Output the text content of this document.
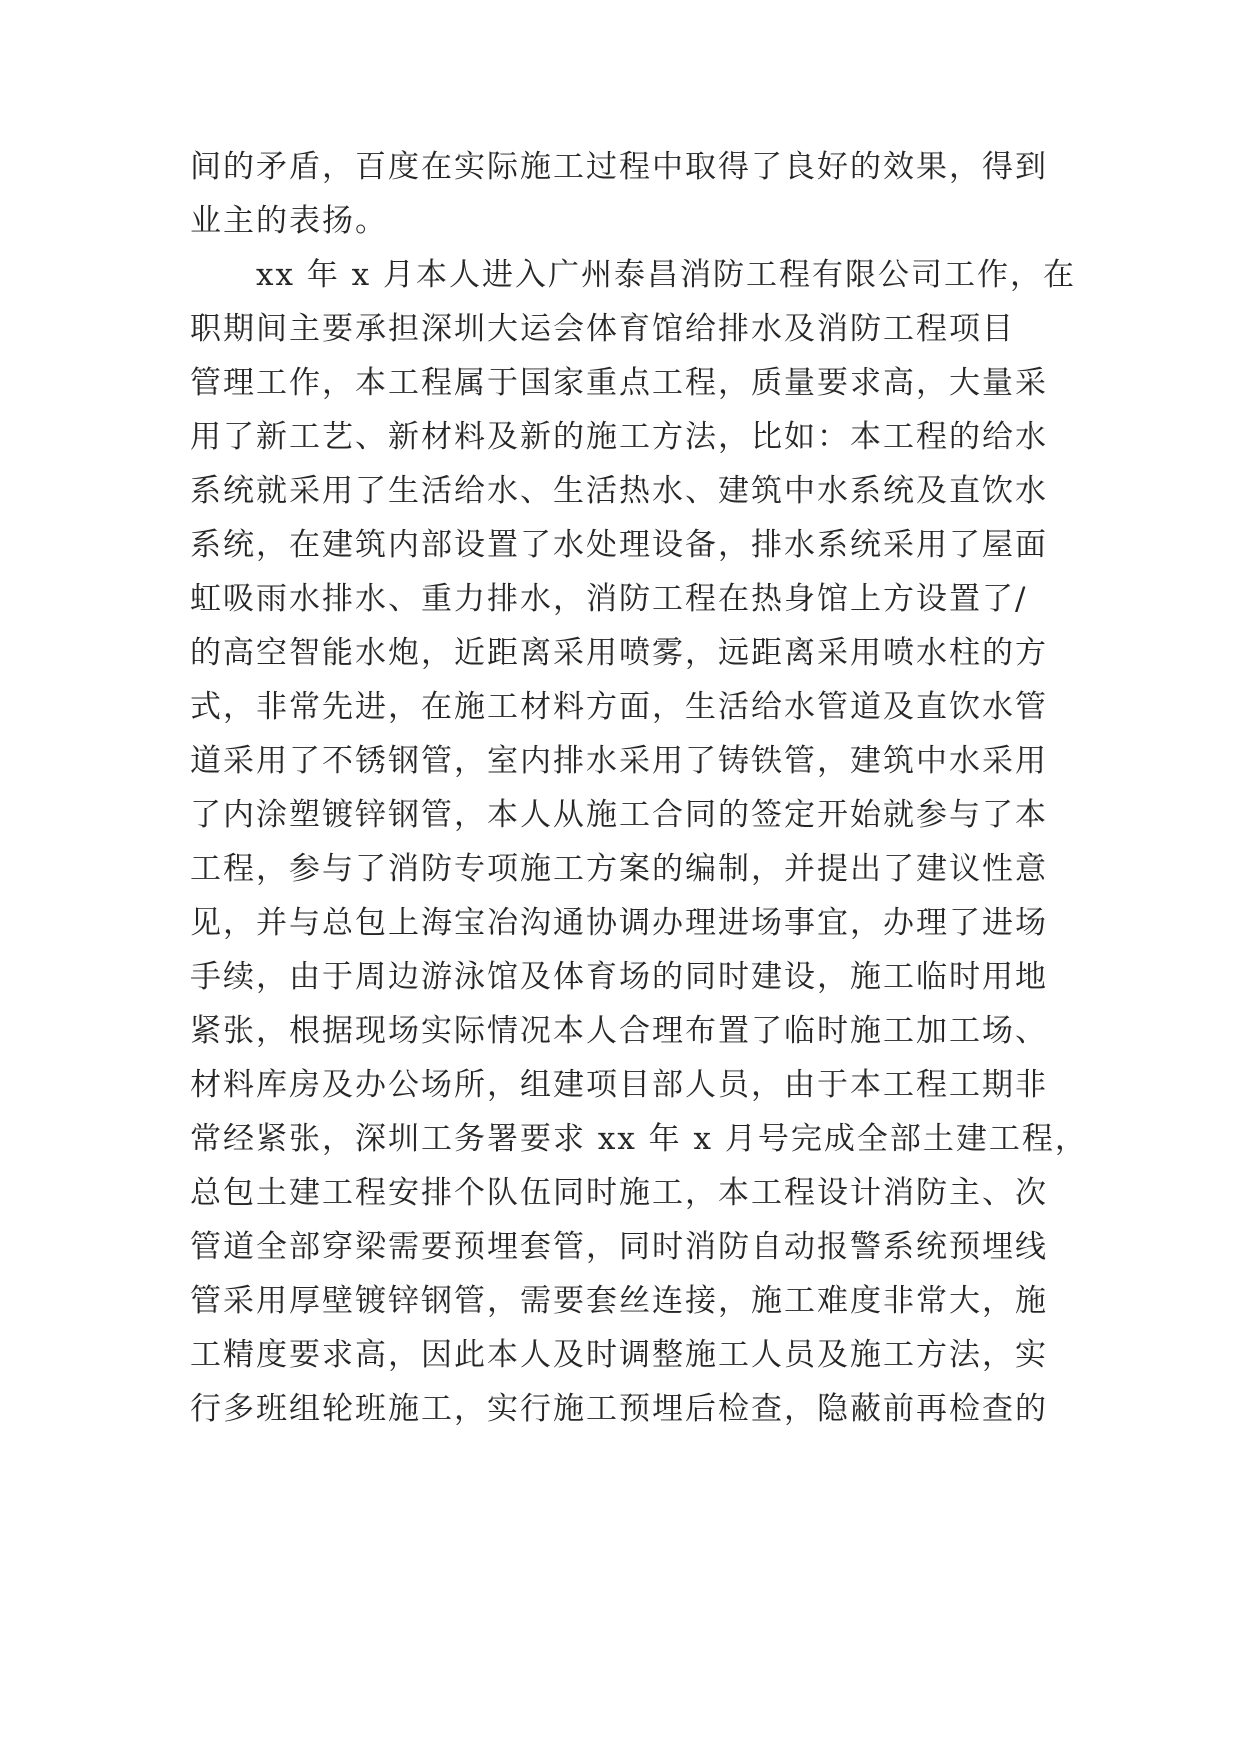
间的矛盾，百度在实际施工过程中取得了良好的效果，得到
业主的表扬。
xx 年 x 月本人进入广州泰昌消防工程有限公司工作，在
职期间主要承担深圳大运会体育馆给排水及消防工程项目
管理工作，本工程属于国家重点工程，质量要求高，大量采
用了新工艺、新材料及新的施工方法，比如：本工程的给水
系统就采用了生活给水、生活热水、建筑中水系统及直饮水
系统，在建筑内部设置了水处理设备，排水系统采用了屋面
虹吸雨水排水、重力排水，消防工程在热身馆上方设置了/
的高空智能水炮，近距离采用喷雾，远距离采用喷水柱的方
式，非常先进，在施工材料方面，生活给水管道及直饮水管
道采用了不锈钢管，室内排水采用了铸铁管，建筑中水采用
了内涂塑镀锌钢管，本人从施工合同的签定开始就参与了本
工程，参与了消防专项施工方案的编制，并提出了建议性意
见，并与总包上海宝冶沟通协调办理进场事宜，办理了进场
手续，由于周边游泳馆及体育场的同时建设，施工临时用地
紧张，根据现场实际情况本人合理布置了临时施工加工场、
材料库房及办公场所，组建项目部人员，由于本工程工期非
常经紧张，深圳工务署要求 xx 年 x 月号完成全部土建工程，
总包土建工程安排个队伍同时施工，本工程设计消防主、次
管道全部穿梁需要预埋套管，同时消防自动报警系统预埋线
管采用厚壁镀锌钢管，需要套丝连接，施工难度非常大，施
工精度要求高，因此本人及时调整施工人员及施工方法，实
行多班组轮班施工，实行施工预埋后检查，隐蔽前再检查的
